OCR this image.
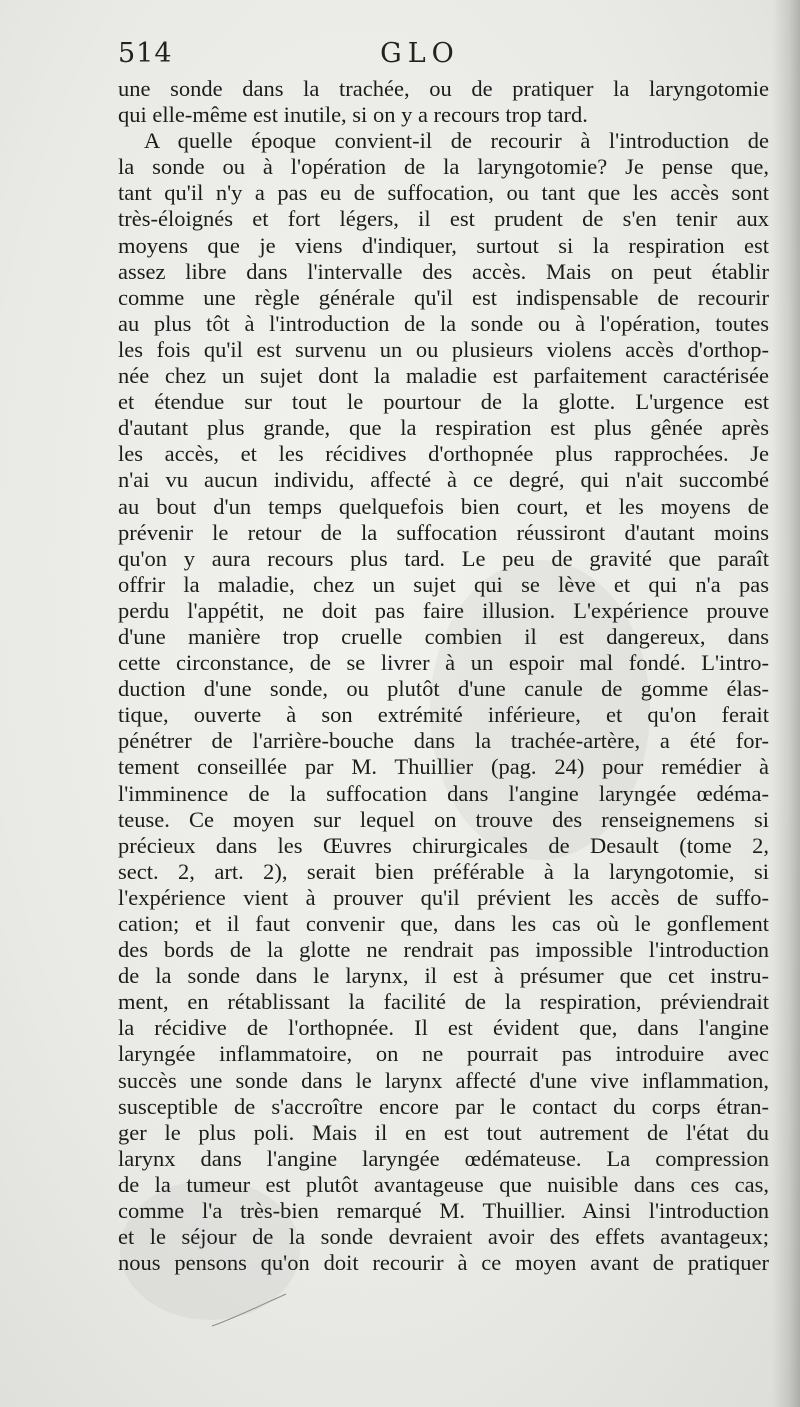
514	GLO
une sonde dans la trachée, ou de pratiquer la laryngotomie
qui elle-même est inutile, si on y a recours trop tard.
A quelle époque convient-il de recourir à l'introduction de
la sonde ou à l'opération de la laryngotomie? Je pense que,
tant qu'il n'y a pas eu de suffocation, ou tant que les accès sont
très-éloignés et fort légers, il est prudent de s'en tenir aux
moyens que je viens d'indiquer, surtout si la respiration est
assez libre dans l'intervalle des accès. Mais on peut établir
comme une règle générale qu'il est indispensable de recourir
au plus tôt à l'introduction de la sonde ou à l'opération, toutes
les fois qu'il est survenu un ou plusieurs violens accès d'orthop-
née chez un sujet dont la maladie est parfaitement caractérisée
et étendue sur tout le pourtour de la glotte. L'urgence est
d'autant plus grande, que la respiration est plus gênée après
les accès, et les récidives d'orthopnée plus rapprochées. Je
n'ai vu aucun individu, affecté à ce degré, qui n'ait succombé
au bout d'un temps quelquefois bien court, et les moyens de
prévenir le retour de la suffocation réussiront d'autant moins
qu'on y aura recours plus tard. Le peu de gravité que paraît
offrir la maladie, chez un sujet qui se lève et qui n'a pas
perdu l'appétit, ne doit pas faire illusion. L'expérience prouve
d'une manière trop cruelle combien il est dangereux, dans
cette circonstance, de se livrer à un espoir mal fondé. L'intro-
duction d'une sonde, ou plutôt d'une canule de gomme élas-
tique, ouverte à son extrémité inférieure, et qu'on ferait
pénétrer de l'arrière-bouche dans la trachée-artère, a été for-
tement conseillée par M. Thuillier (pag. 24) pour remédier à
l'imminence de la suffocation dans l'angine laryngée œdéma-
teuse. Ce moyen sur lequel on trouve des renseignemens si
précieux dans les Œuvres chirurgicales de Desault (tome 2,
sect. 2, art. 2), serait bien préférable à la laryngotomie, si
l'expérience vient à prouver qu'il prévient les accès de suffo-
cation; et il faut convenir que, dans les cas où le gonflement
des bords de la glotte ne rendrait pas impossible l'introduction
de la sonde dans le larynx, il est à présumer que cet instru-
ment, en rétablissant la facilité de la respiration, préviendrait
la récidive de l'orthopnée. Il est évident que, dans l'angine
laryngée inflammatoire, on ne pourrait pas introduire avec
succès une sonde dans le larynx affecté d'une vive inflammation,
susceptible de s'accroître encore par le contact du corps étran-
ger le plus poli. Mais il en est tout autrement de l'état du
larynx dans l'angine laryngée œdémateuse. La compression
de la tumeur est plutôt avantageuse que nuisible dans ces cas,
comme l'a très-bien remarqué M. Thuillier. Ainsi l'introduction
et le séjour de la sonde devraient avoir des effets avantageux;
nous pensons qu'on doit recourir à ce moyen avant de pratiquer
